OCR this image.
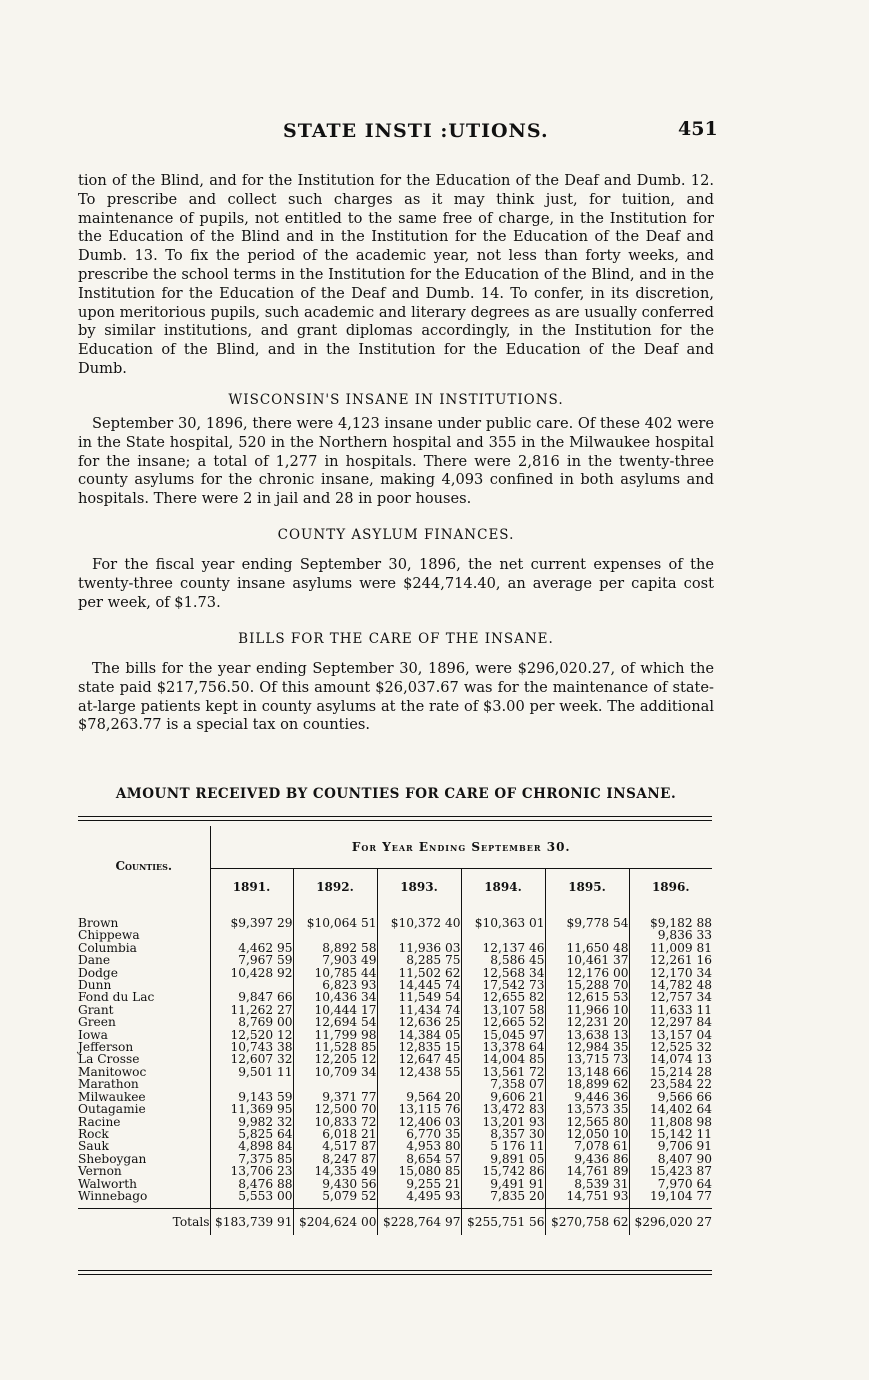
STATE INSTI :UTIONS.	451

tion of the Blind, and for the Institution for the Education of the Deaf and Dumb. 12. To prescribe and collect such charges as it may think just, for tuition, and maintenance of pupils, not entitled to the same free of charge, in the Institution for the Education of the Blind and in the Institution for the Education of the Deaf and Dumb. 13. To fix the period of the academic year, not less than forty weeks, and prescribe the school terms in the Institution for the Education of the Blind, and in the Institution for the Education of the Deaf and Dumb. 14. To confer, in its discretion, upon meritorious pupils, such academic and literary degrees as are usually conferred by similar institutions, and grant diplomas accordingly, in the Institution for the Education of the Blind, and in the Institution for the Education of the Deaf and Dumb.

WISCONSIN'S INSANE IN INSTITUTIONS.

September 30, 1896, there were 4,123 insane under public care. Of these 402 were in the State hospital, 520 in the Northern hospital and 355 in the Milwaukee hospital for the insane; a total of 1,277 in hospitals. There were 2,816 in the twenty-three county asylums for the chronic insane, making 4,093 confined in both asylums and hospitals. There were 2 in jail and 28 in poor houses.

COUNTY ASYLUM FINANCES.

For the fiscal year ending September 30, 1896, the net current expenses of the twenty-three county insane asylums were $244,714.40, an average per capita cost per week, of $1.73.

BILLS FOR THE CARE OF THE INSANE.

The bills for the year ending September 30, 1896, were $296,020.27, of which the state paid $217,756.50. Of this amount $26,037.67 was for the maintenance of state-at-large patients kept in county asylums at the rate of $3.00 per week. The additional $78,263.77 is a special tax on counties.

AMOUNT RECEIVED BY COUNTIES FOR CARE OF CHRONIC INSANE.
Counties.	For Year Ending September 30.					
	1891.	1892.	1893.	1894.	1895.	1896.
Brown	$9,397 29	$10,064 51	$10,372 40	$10,363 01	$9,778 54	$9,182 88
Chippewa						9,836 33
Columbia	4,462 95	8,892 58	11,936 03	12,137 46	11,650 48	11,009 81
Dane	7,967 59	7,903 49	8,285 75	8,586 45	10,461 37	12,261 16
Dodge	10,428 92	10,785 44	11,502 62	12,568 34	12,176 00	12,170 34
Dunn		6,823 93	14,445 74	17,542 73	15,288 70	14,782 48
Fond du Lac	9,847 66	10,436 34	11,549 54	12,655 82	12,615 53	12,757 34
Grant	11,262 27	10,444 17	11,434 74	13,107 58	11,966 10	11,633 11
Green	8,769 00	12,694 54	12,636 25	12,665 52	12,231 20	12,297 84
Iowa	12,520 12	11,799 98	14,384 05	15,045 97	13,638 13	13,157 04
Jefferson	10,743 38	11,528 85	12,835 15	13,378 64	12,984 35	12,525 32
La Crosse	12,607 32	12,205 12	12,647 45	14,004 85	13,715 73	14,074 13
Manitowoc	9,501 11	10,709 34	12,438 55	13,561 72	13,148 66	15,214 28
Marathon				7,358 07	18,899 62	23,584 22
Milwaukee	9,143 59	9,371 77	9,564 20	9,606 21	9,446 36	9,566 66
Outagamie	11,369 95	12,500 70	13,115 76	13,472 83	13,573 35	14,402 64
Racine	9,982 32	10,833 72	12,406 03	13,201 93	12,565 80	11,808 98
Rock	5,825 64	6,018 21	6,770 35	8,357 30	12,050 10	15,142 11
Sauk	4,898 84	4,517 87	4,953 80	5 176 11	7,078 61	9,706 91
Sheboygan	7,375 85	8,247 87	8,654 57	9,891 05	9,436 86	8,407 90
Vernon	13,706 23	14,335 49	15,080 85	15,742 86	14,761 89	15,423 87
Walworth	8,476 88	9,430 56	9,255 21	9,491 91	8,539 31	7,970 64
Winnebago	5,553 00	5,079 52	4,495 93	7,835 20	14,751 93	19,104 77
Totals	$183,739 91	$204,624 00	$228,764 97	$255,751 56	$270,758 62	$296,020 27
